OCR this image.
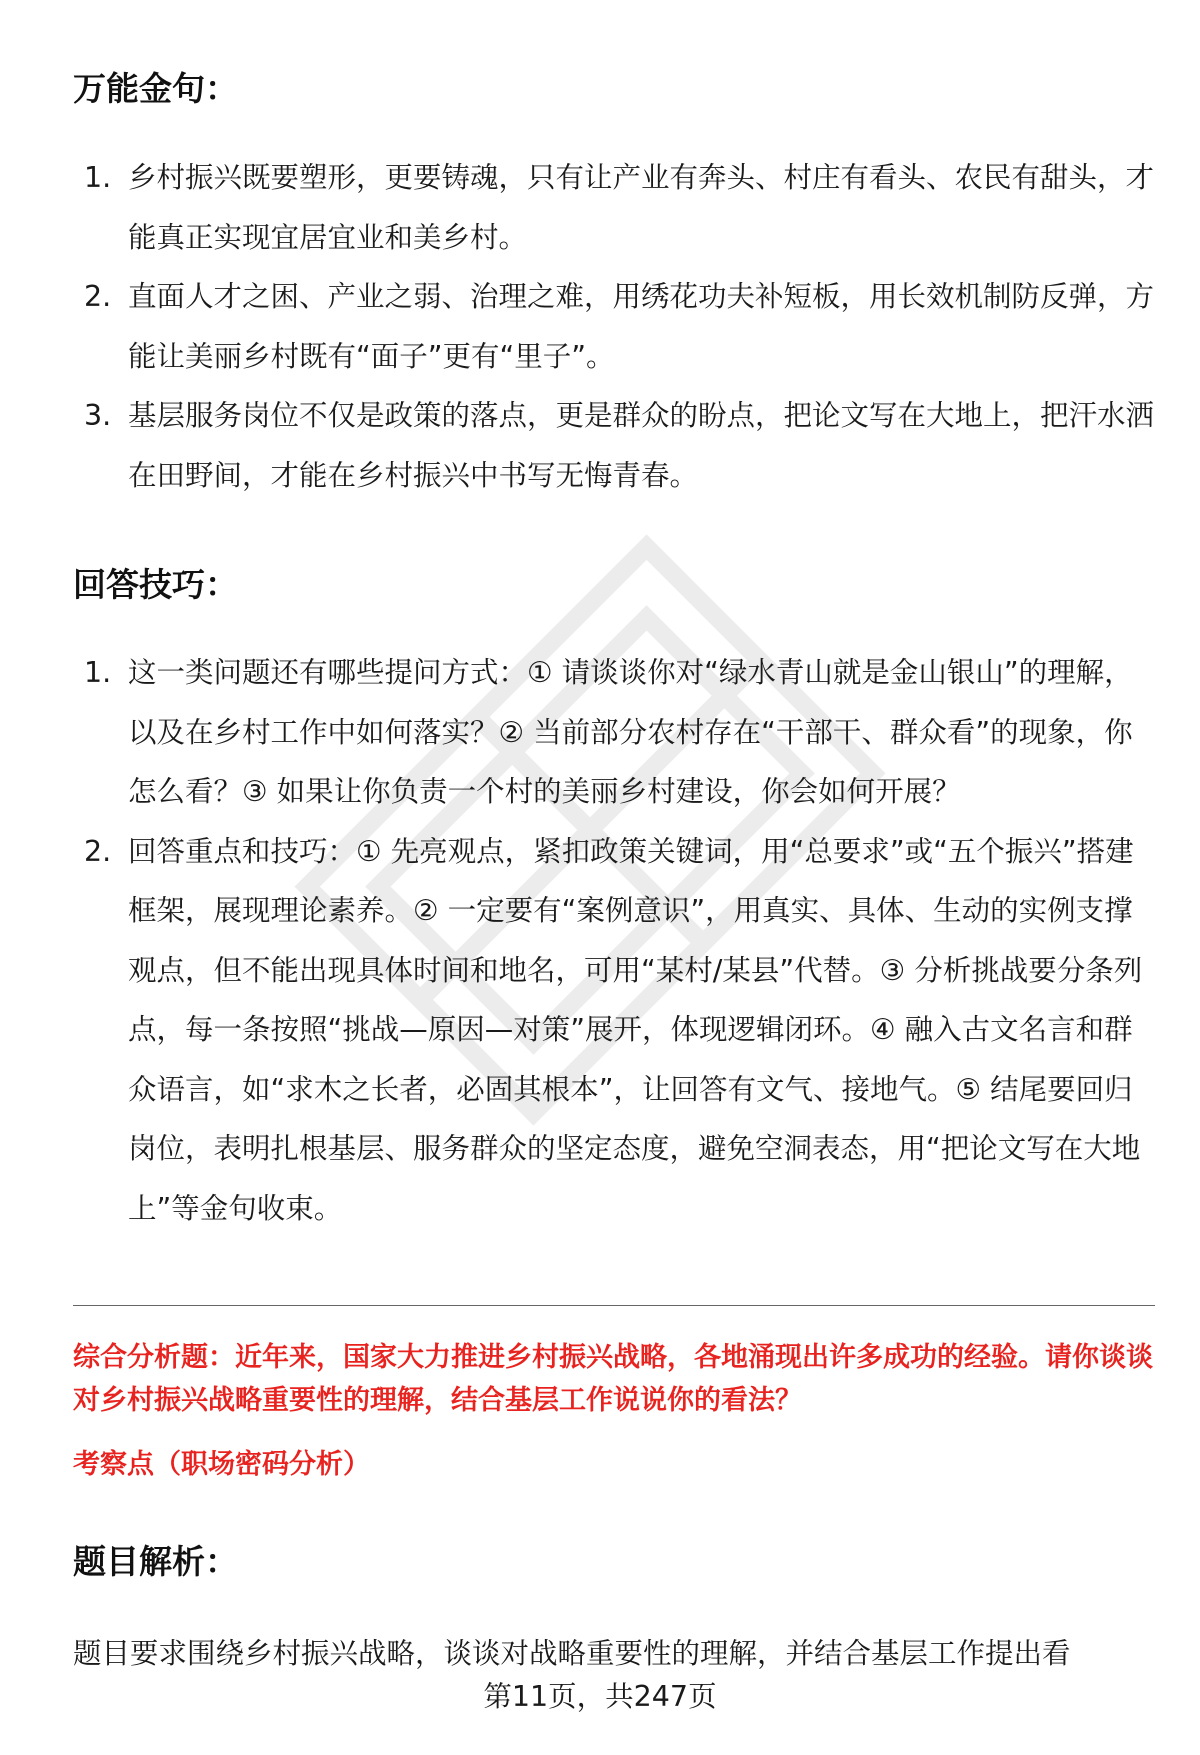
万能金句：
1. 乡村振兴既要塑形，更要铸魂，只有让产业有奔头、村庄有看头、农民有甜头，才能真正实现宜居宜业和美乡村。
2. 直面人才之困、产业之弱、治理之难，用绣花功夫补短板，用长效机制防反弹，方能让美丽乡村既有“面子”更有“里子”。
3. 基层服务岗位不仅是政策的落点，更是群众的盼点，把论文写在大地上，把汗水洒在田野间，才能在乡村振兴中书写无悔青春。
回答技巧：
1. 这一类问题还有哪些提问方式：① 请谈谈你对“绿水青山就是金山银山”的理解，以及在乡村工作中如何落实？② 当前部分农村存在“干部干、群众看”的现象，你怎么看？③ 如果让你负责一个村的美丽乡村建设，你会如何开展？
2. 回答重点和技巧：① 先亮观点，紧扣政策关键词，用“总要求”或“五个振兴”搭建框架，展现理论素养。② 一定要有“案例意识”，用真实、具体、生动的实例支撑观点，但不能出现具体时间和地名，可用“某村/某县”代替。③ 分析挑战要分条列点，每一条按照“挑战—原因—对策”展开，体现逻辑闭环。④ 融入古文名言和群众语言，如“求木之长者，必固其根本”，让回答有文气、接地气。⑤ 结尾要回归岗位，表明扎根基层、服务群众的坚定态度，避免空洞表态，用“把论文写在大地上”等金句收束。
综合分析题：近年来，国家大力推进乡村振兴战略，各地涌现出许多成功的经验。请你谈谈对乡村振兴战略重要性的理解，结合基层工作说说你的看法？
考察点（职场密码分析）
题目解析：
题目要求围绕乡村振兴战略，谈谈对战略重要性的理解，并结合基层工作提出看
第11页，共247页
